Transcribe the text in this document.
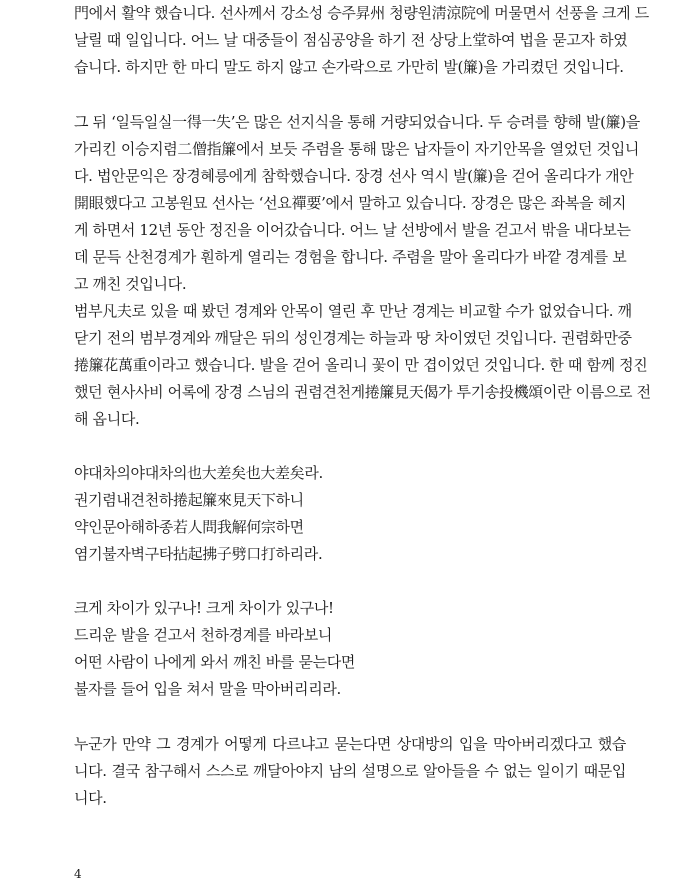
門에서 활약 했습니다. 선사께서 강소성 승주昇州 청량원淸涼院에 머물면서 선풍을 크게 드
날릴 때 일입니다. 어느 날 대중들이 점심공양을 하기 전 상당上堂하여 법을 묻고자 하였
습니다. 하지만 한 마디 말도 하지 않고 손가락으로 가만히 발(簾)을 가리켰던 것입니다.
그 뒤 ‘일득일실一得一失’은 많은 선지식을 통해 거량되었습니다. 두 승려를 향해 발(簾)을
가리킨 이승지렴二僧指簾에서 보듯 주렴을 통해 많은 납자들이 자기안목을 열었던 것입니
다. 법안문익은 장경혜릉에게 참학했습니다. 장경 선사 역시 발(簾)을 걷어 올리다가 개안
開眼했다고 고봉원묘 선사는 ‘선요禪要’에서 말하고 있습니다. 장경은 많은 좌복을 헤지
게 하면서 12년 동안 정진을 이어갔습니다. 어느 날 선방에서 발을 걷고서 밖을 내다보는
데 문득 산천경계가 훤하게 열리는 경험을 합니다. 주렴을 말아 올리다가 바깥 경계를 보
고 깨친 것입니다.
범부凡夫로 있을 때 봤던 경계와 안목이 열린 후 만난 경계는 비교할 수가 없었습니다. 깨
닫기 전의 범부경계와 깨달은 뒤의 성인경계는 하늘과 땅 차이였던 것입니다. 권렴화만중
捲簾花萬重이라고 했습니다. 발을 걷어 올리니 꽃이 만 겹이었던 것입니다. 한 때 함께 정진
했던 현사사비 어록에 장경 스님의 권렴견천게捲簾見天偈가 투기송投機頌이란 이름으로 전
해 옵니다.
야대차의야대차의也大差矣也大差矣라.
권기렴내견천하捲起簾來見天下하니
약인문아해하종若人問我解何宗하면
염기불자벽구타拈起拂子劈口打하리라.
크게 차이가 있구나! 크게 차이가 있구나!
드리운 발을 걷고서 천하경계를 바라보니
어떤 사람이 나에게 와서 깨친 바를 묻는다면
불자를 들어 입을 쳐서 말을 막아버리리라.
누군가 만약 그 경계가 어떻게 다르냐고 묻는다면 상대방의 입을 막아버리겠다고 했습
니다. 결국 참구해서 스스로 깨달아야지 남의 설명으로 알아들을 수 없는 일이기 때문입
니다.
4
